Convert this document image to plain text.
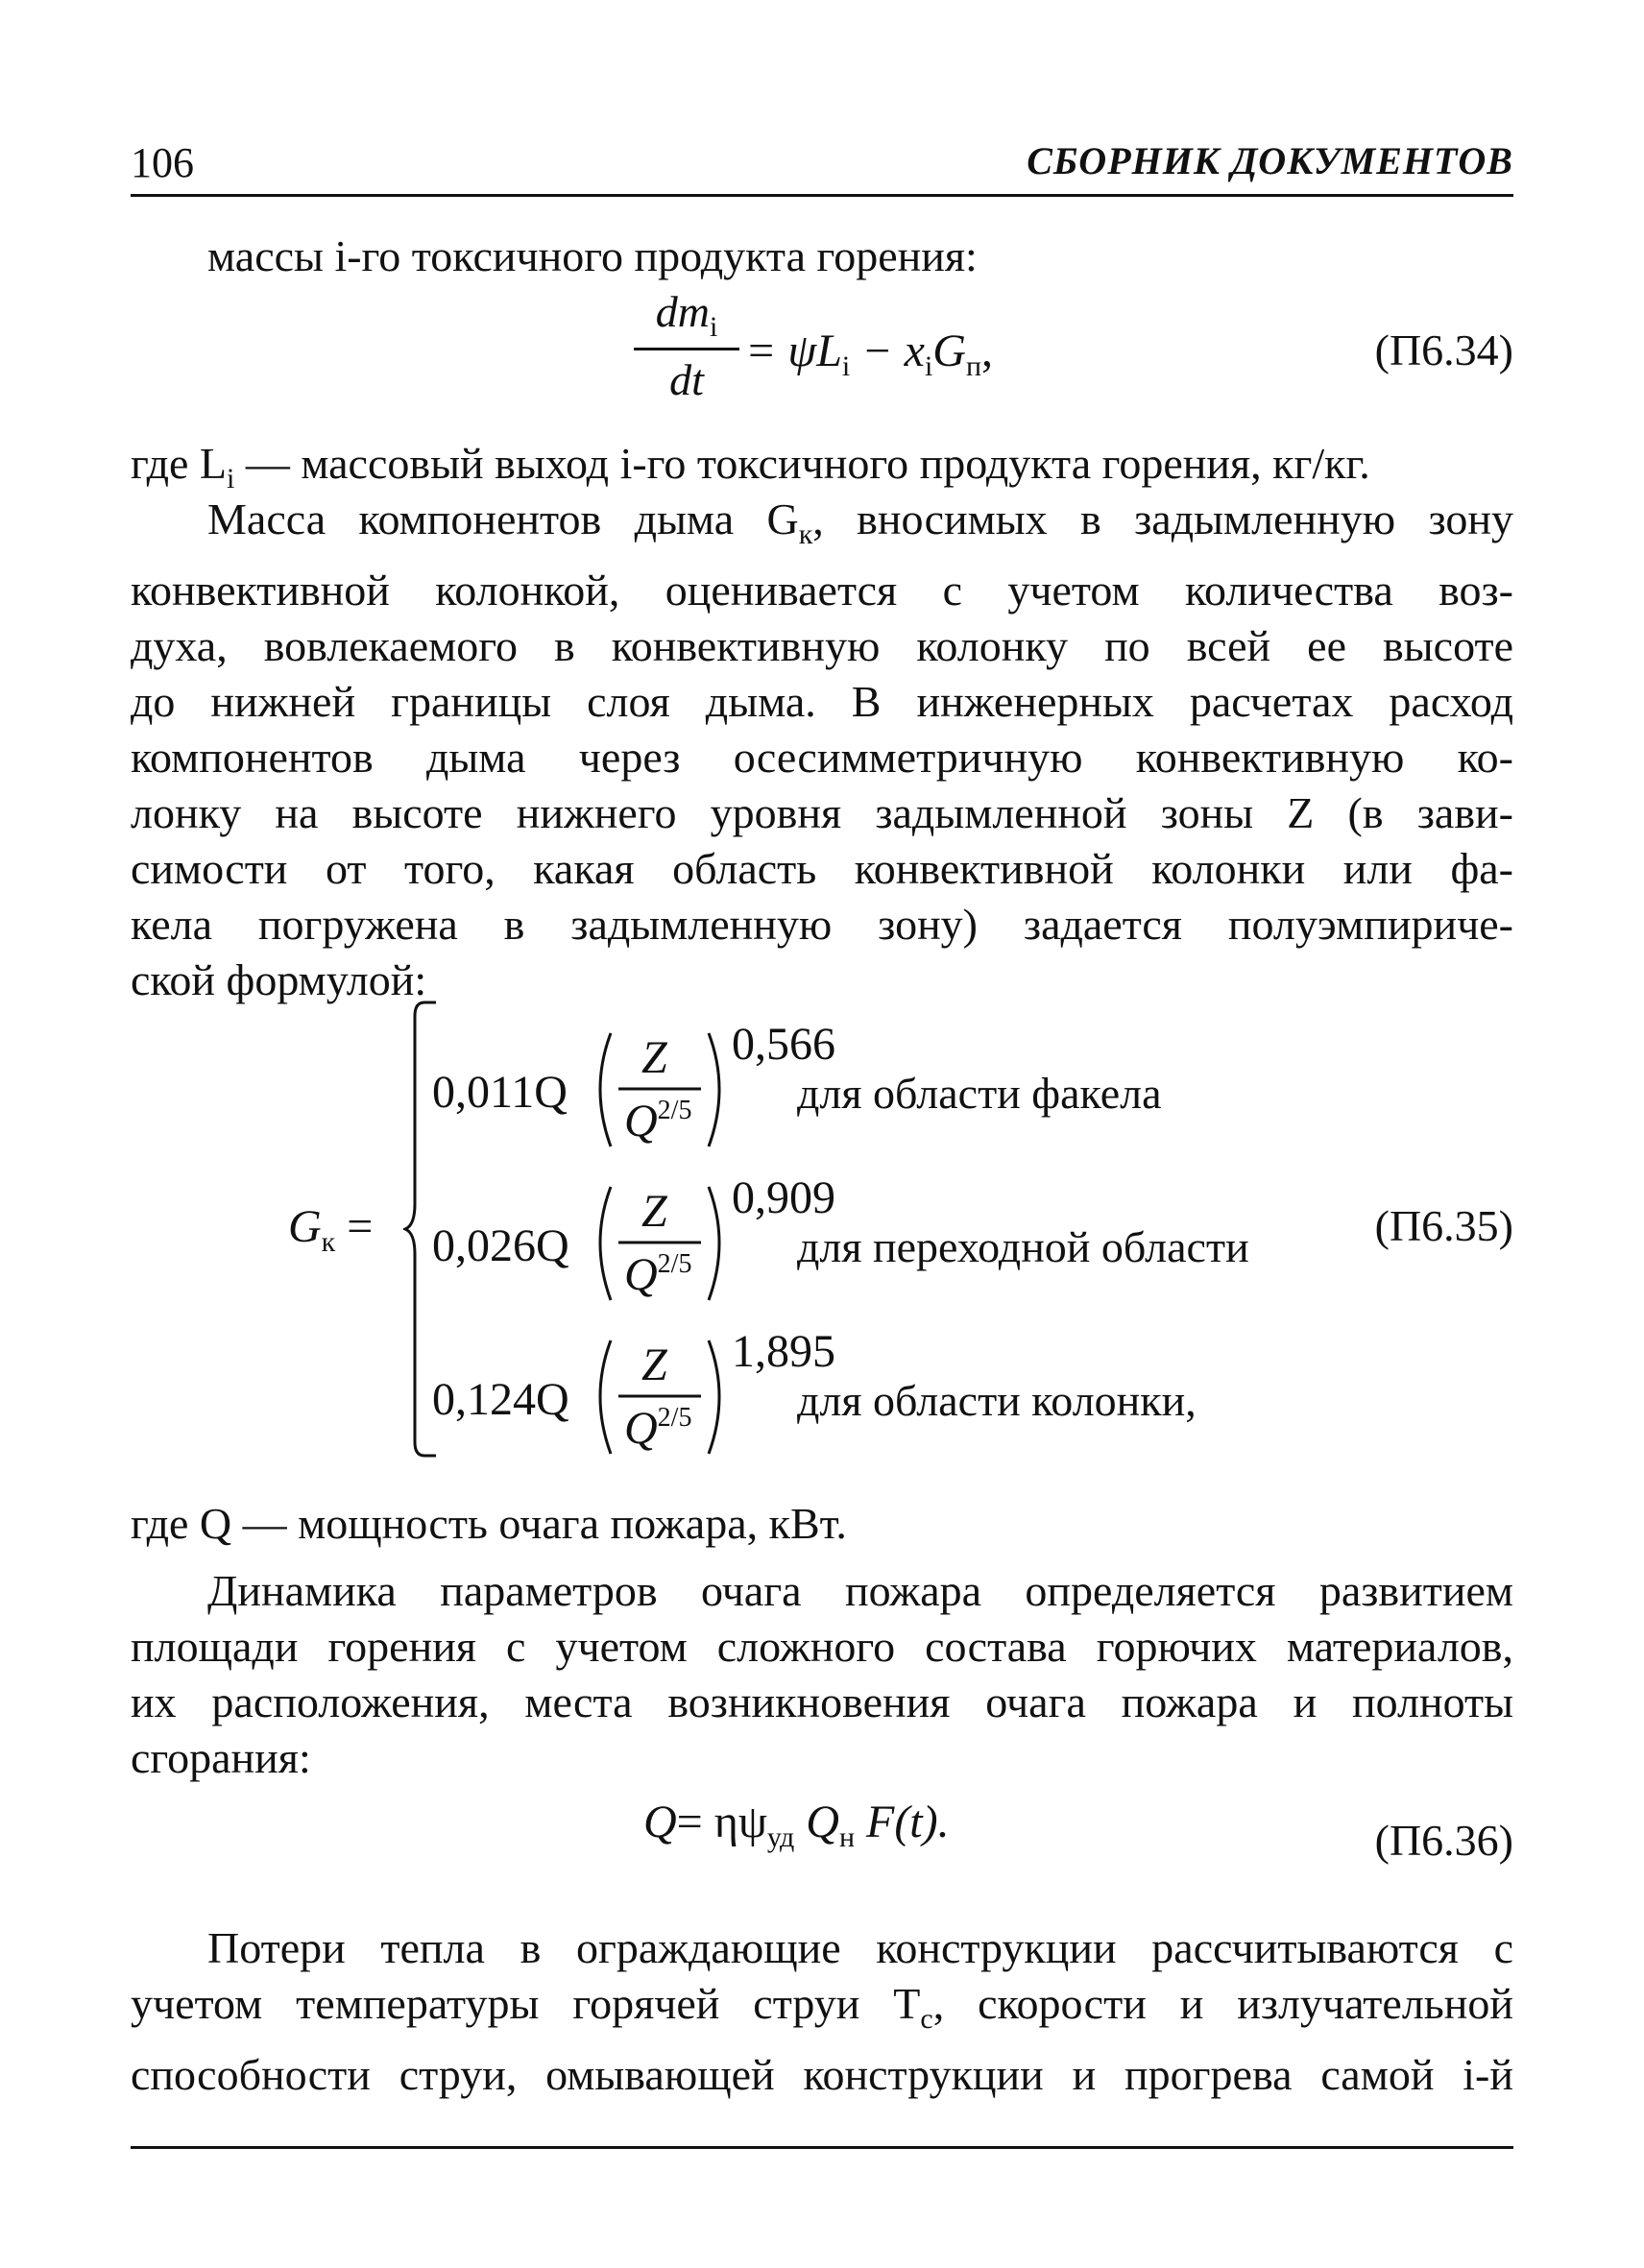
106	СБОРНИК ДОКУМЕНТОВ
массы i-го токсичного продукта горения:
$dm_i$
dt
= $\psi L_i - x_iG_п$,	(П6.34)
где $L_i$ — массовый выход i-го токсичного продукта горения, кг/кг.
Масса компонентов дыма $G_к$, вносимых в задымленную зону
конвективной колонкой, оценивается с учетом количества воз-
духа, вовлекаемого в конвективную колонку по всей ее высоте
до нижней границы слоя дыма. В инженерных расчетах расход
компонентов дыма через осесимметричную конвективную ко-
лонку на высоте нижнего уровня задымленной зоны Z (в зави-
симости от того, какая область конвективной колонки или фа-
кела погружена в задымленную зону) задается полуэмпириче-
ской формулой:
$G_к$ =
0,011Q
Z
$Q^{2/5}$
0,566
для области факела
0,026Q
Z
$Q^{2/5}$
0,909
для переходной области
0,124Q
Z
$Q^{2/5}$
1,895
для области колонки,
(П6.35)
где Q — мощность очага пожара, кВт.
Динамика параметров очага пожара определяется развитием
площади горения с учетом сложного состава горючих материалов,
их расположения, места возникновения очага пожара и полноты
сгорания:
$Q= \eta\psi_{уд}$ $Q_н$ F(t).	(П6.36)
Потери тепла в ограждающие конструкции рассчитываются с
учетом температуры горячей струи $T_с$, скорости и излучательной
способности струи, омывающей конструкции и прогрева самой i-й
